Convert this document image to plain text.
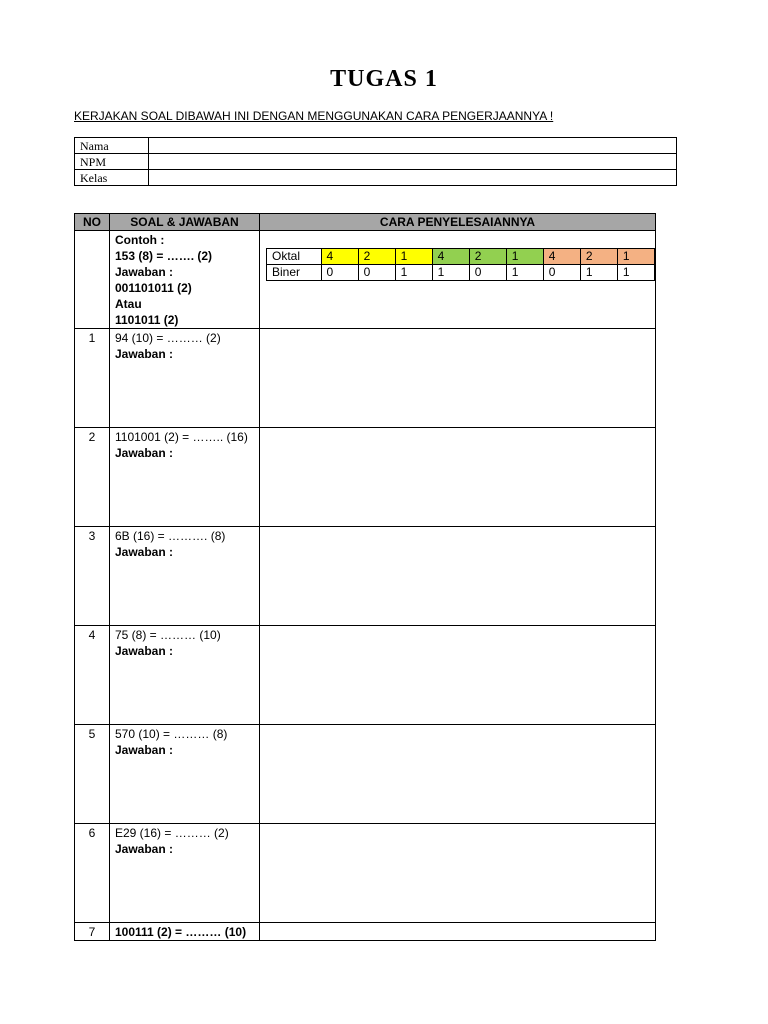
TUGAS 1
KERJAKAN SOAL DIBAWAH INI DENGAN MENGGUNAKAN CARA PENGERJAANNYA !
Nama	
NPM	
Kelas	
NO	SOAL & JAWABAN	CARA PENYELESAIANNYA

Contoh :
153 (8) = ……. (2)
Jawaban :
001101011 (2)
Atau
1101011 (2)

Oktal	4	2	1	4	2	1	4	2	1
Biner	0	0	1	1	0	1	0	1	1

1	94 (10) = ……… (2)
Jawaban :

2	1101001 (2) = …….. (16)
Jawaban :

3	6B (16) = ………. (8)
Jawaban :

4	75 (8) = ……… (10)
Jawaban :

5	570 (10) = ……… (8)
Jawaban :

6	E29 (16) = ……… (2)
Jawaban :

7	100111 (2) = ……… (10)
